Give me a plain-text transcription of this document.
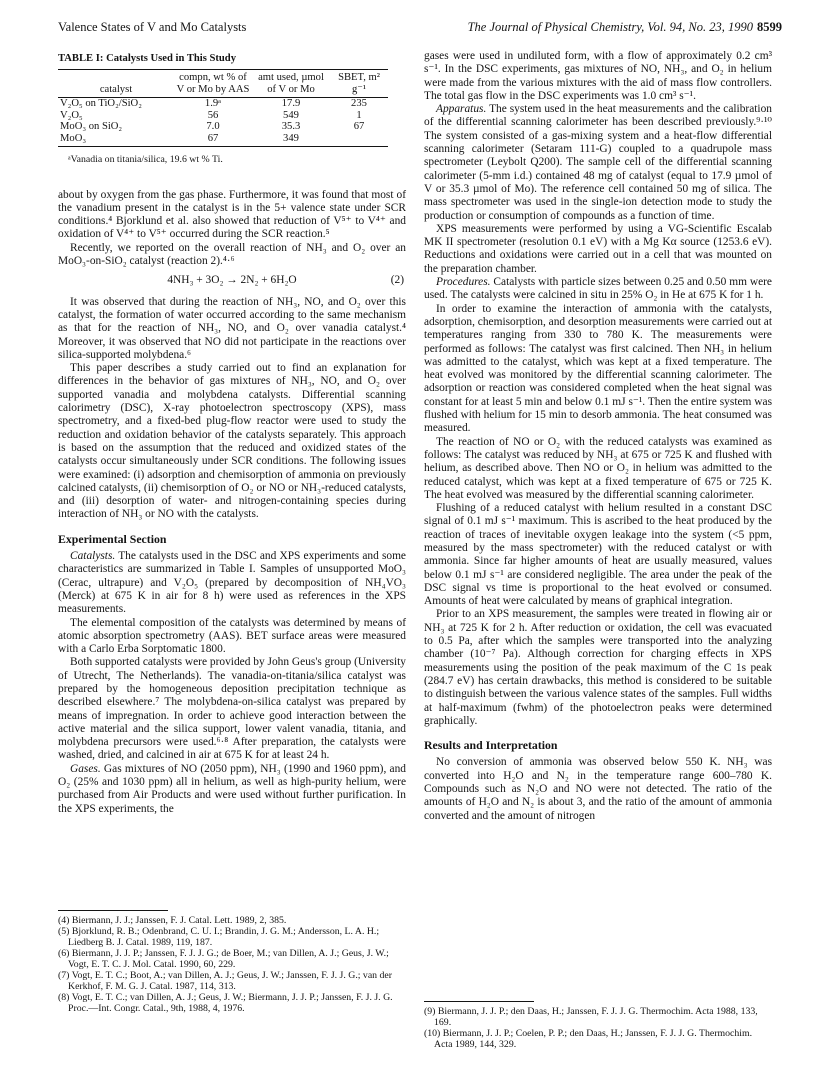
Valence States of V and Mo Catalysts	The Journal of Physical Chemistry, Vol. 94, No. 23, 1990 8599
TABLE I: Catalysts Used in This Study
catalyst	compn, wt % of V or Mo by AAS	amt used, µmol of V or Mo	SBET, m² g⁻¹
V₂O₅ on TiO₂/SiO₂	1.9ᵃ	17.9	235
V₂O₅	56	549	1
MoO₃ on SiO₂	7.0	35.3	67
MoO₃	67	349	
ᵃVanadia on titania/silica, 19.6 wt % Ti.

about by oxygen from the gas phase. Furthermore, it was found that most of the vanadium present in the catalyst is in the 5+ valence state under SCR conditions.⁴ Bjorklund et al. also showed that reduction of V⁵⁺ to V⁴⁺ and oxidation of V⁴⁺ to V⁵⁺ occurred during the SCR reaction.⁵

Recently, we reported on the overall reaction of NH₃ and O₂ over an MoO₃-on-SiO₂ catalyst (reaction 2).⁴·⁶

4NH₃ + 3O₂ → 2N₂ + 6H₂O	(2)

It was observed that during the reaction of NH₃, NO, and O₂ over this catalyst, the formation of water occurred according to the same mechanism as that for the reaction of NH₃, NO, and O₂ over vanadia catalyst.⁴ Moreover, it was observed that NO did not participate in the reactions over silica-supported molybdena.⁶

This paper describes a study carried out to find an explanation for differences in the behavior of gas mixtures of NH₃, NO, and O₂ over supported vanadia and molybdena catalysts. Differential scanning calorimetry (DSC), X-ray photoelectron spectroscopy (XPS), mass spectrometry, and a fixed-bed plug-flow reactor were used to study the reduction and oxidation behavior of the catalysts separately. This approach is based on the assumption that the reduced and oxidized states of the catalysts occur simultaneously under SCR conditions. The following issues were examined: (i) adsorption and chemisorption of ammonia on previously calcined catalysts, (ii) chemisorption of O₂ or NO or NH₃-reduced catalysts, and (iii) desorption of water- and nitrogen-containing species during interaction of NH₃ or NO with the catalysts.

Experimental Section

Catalysts. The catalysts used in the DSC and XPS experiments and some characteristics are summarized in Table I. Samples of unsupported MoO₃ (Cerac, ultrapure) and V₂O₅ (prepared by decomposition of NH₄VO₃ (Merck) at 675 K in air for 8 h) were used as references in the XPS measurements.

The elemental composition of the catalysts was determined by means of atomic absorption spectrometry (AAS). BET surface areas were measured with a Carlo Erba Sorptomatic 1800.

Both supported catalysts were provided by John Geus's group (University of Utrecht, The Netherlands). The vanadia-on-titania/silica catalyst was prepared by the homogeneous deposition precipitation technique as described elsewhere.⁷ The molybdena-on-silica catalyst was prepared by means of impregnation. In order to achieve good interaction between the active material and the silica support, lower valent vanadia, titania, and molybdena precursors were used.⁶·⁸ After preparation, the catalysts were washed, dried, and calcined in air at 675 K for at least 24 h.

Gases. Gas mixtures of NO (2050 ppm), NH₃ (1990 and 1960 ppm), and O₂ (25% and 1030 ppm) all in helium, as well as high-purity helium, were purchased from Air Products and were used without further purification. In the XPS experiments, the

gases were used in undiluted form, with a flow of approximately 0.2 cm³ s⁻¹. In the DSC experiments, gas mixtures of NO, NH₃, and O₂ in helium were made from the various mixtures with the aid of mass flow controllers. The total gas flow in the DSC experiments was 1.0 cm³ s⁻¹.

Apparatus. The system used in the heat measurements and the calibration of the differential scanning calorimeter has been described previously.⁹·¹⁰ The system consisted of a gas-mixing system and a heat-flow differential scanning calorimeter (Setaram 111-G) coupled to a quadrupole mass spectrometer (Leybolt Q200). The sample cell of the differential scanning calorimeter (5-mm i.d.) contained 48 mg of catalyst (equal to 17.9 µmol of V or 35.3 µmol of Mo). The reference cell contained 50 mg of silica. The mass spectrometer was used in the single-ion detection mode to study the production or consumption of compounds as a function of time.

XPS measurements were performed by using a VG-Scientific Escalab MK II spectrometer (resolution 0.1 eV) with a Mg Kα source (1253.6 eV). Reductions and oxidations were carried out in a cell that was mounted on the preparation chamber.

Procedures. Catalysts with particle sizes between 0.25 and 0.50 mm were used. The catalysts were calcined in situ in 25% O₂ in He at 675 K for 1 h.

In order to examine the interaction of ammonia with the catalysts, adsorption, chemisorption, and desorption measurements were carried out at temperatures ranging from 330 to 780 K. The measurements were performed as follows: The catalyst was first calcined. Then NH₃ in helium was admitted to the catalyst, which was kept at a fixed temperature. The heat evolved was monitored by the differential scanning calorimeter. The adsorption or reaction was considered completed when the heat signal was constant for at least 5 min and below 0.1 mJ s⁻¹. Then the entire system was flushed with helium for 15 min to desorb ammonia. The heat consumed was measured.

The reaction of NO or O₂ with the reduced catalysts was examined as follows: The catalyst was reduced by NH₃ at 675 or 725 K and flushed with helium, as described above. Then NO or O₂ in helium was admitted to the reduced catalyst, which was kept at a fixed temperature of 675 or 725 K. The heat evolved was measured by the differential scanning calorimeter.

Flushing of a reduced catalyst with helium resulted in a constant DSC signal of 0.1 mJ s⁻¹ maximum. This is ascribed to the heat produced by the reaction of traces of inevitable oxygen leakage into the system (<5 ppm, measured by the mass spectrometer) with the reduced catalyst or with ammonia. Since far higher amounts of heat are usually measured, values below 0.1 mJ s⁻¹ are considered negligible. The area under the peak of the DSC signal vs time is proportional to the heat evolved or consumed. Amounts of heat were calculated by means of graphical integration.

Prior to an XPS measurement, the samples were treated in flowing air or NH₃ at 725 K for 2 h. After reduction or oxidation, the cell was evacuated to 0.5 Pa, after which the samples were transported into the analyzing chamber (10⁻⁷ Pa). Although correction for charging effects in XPS measurements using the position of the peak maximum of the C 1s peak (284.7 eV) has certain drawbacks, this method is considered to be suitable to distinguish between the various valence states of the samples. Full widths at half-maximum (fwhm) of the photoelectron peaks were determined graphically.

Results and Interpretation

No conversion of ammonia was observed below 550 K. NH₃ was converted into H₂O and N₂ in the temperature range 600–780 K. Compounds such as N₂O and NO were not detected. The ratio of the amounts of H₂O and N₂ is about 3, and the ratio of the amount of ammonia converted and the amount of nitrogen

(4) Biermann, J. J.; Janssen, F. J. Catal. Lett. 1989, 2, 385.

(5) Bjorklund, R. B.; Odenbrand, C. U. I.; Brandin, J. G. M.; Andersson, L. A. H.; Liedberg B. J. Catal. 1989, 119, 187.

(6) Biermann, J. J. P.; Janssen, F. J. J. G.; de Boer, M.; van Dillen, A. J.; Geus, J. W.; Vogt, E. T. C. J. Mol. Catal. 1990, 60, 229.

(7) Vogt, E. T. C.; Boot, A.; van Dillen, A. J.; Geus, J. W.; Janssen, F. J. J. G.; van der Kerkhof, F. M. G. J. Catal. 1987, 114, 313.

(8) Vogt, E. T. C.; van Dillen, A. J.; Geus, J. W.; Biermann, J. J. P.; Janssen, F. J. J. G. Proc.—Int. Congr. Catal., 9th, 1988, 4, 1976.	(9) Biermann, J. J. P.; den Daas, H.; Janssen, F. J. J. G. Thermochim. Acta 1988, 133, 169.

(10) Biermann, J. J. P.; Coelen, P. P.; den Daas, H.; Janssen, F. J. J. G. Thermochim. Acta 1989, 144, 329.
